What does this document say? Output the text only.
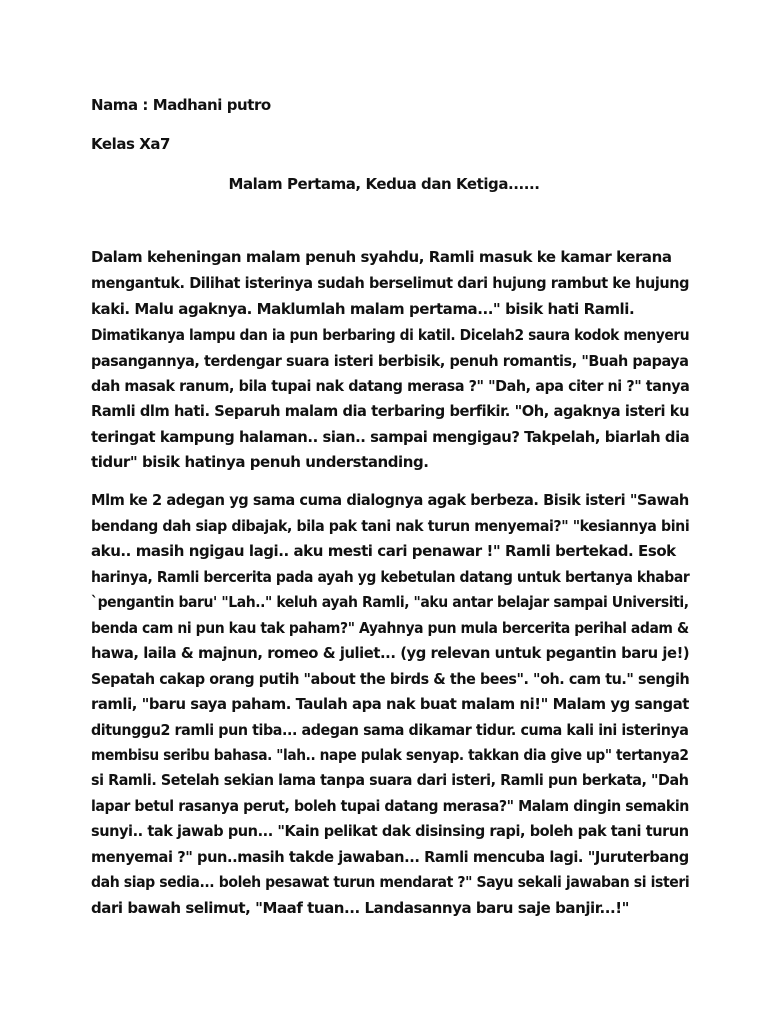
Nama : Madhani putro
Kelas Xa7
Malam Pertama, Kedua dan Ketiga......
Dalam keheningan malam penuh syahdu, Ramli masuk ke kamar kerana
mengantuk. Dilihat isterinya sudah berselimut dari hujung rambut ke hujung
kaki. Malu agaknya. Maklumlah malam pertama..." bisik hati Ramli.
Dimatikanya lampu dan ia pun berbaring di katil. Dicelah2 saura kodok menyeru
pasangannya, terdengar suara isteri berbisik, penuh romantis, "Buah papaya
dah masak ranum, bila tupai nak datang merasa ?" "Dah, apa citer ni ?" tanya
Ramli dlm hati. Separuh malam dia terbaring berfikir. "Oh, agaknya isteri ku
teringat kampung halaman.. sian.. sampai mengigau? Takpelah, biarlah dia
tidur" bisik hatinya penuh understanding.
Mlm ke 2 adegan yg sama cuma dialognya agak berbeza. Bisik isteri "Sawah
bendang dah siap dibajak, bila pak tani nak turun menyemai?" "kesiannya bini
aku.. masih ngigau lagi.. aku mesti cari penawar !" Ramli bertekad. Esok
harinya, Ramli bercerita pada ayah yg kebetulan datang untuk bertanya khabar
`pengantin baru' "Lah.." keluh ayah Ramli, "aku antar belajar sampai Universiti,
benda cam ni pun kau tak paham?" Ayahnya pun mula bercerita perihal adam &
hawa, laila & majnun, romeo & juliet... (yg relevan untuk pegantin baru je!)
Sepatah cakap orang putih "about the birds & the bees". "oh. cam tu." sengih
ramli, "baru saya paham. Taulah apa nak buat malam ni!" Malam yg sangat
ditunggu2 ramli pun tiba... adegan sama dikamar tidur. cuma kali ini isterinya
membisu seribu bahasa. "lah.. nape pulak senyap. takkan dia give up" tertanya2
si Ramli. Setelah sekian lama tanpa suara dari isteri, Ramli pun berkata, "Dah
lapar betul rasanya perut, boleh tupai datang merasa?" Malam dingin semakin
sunyi.. tak jawab pun... "Kain pelikat dak disinsing rapi, boleh pak tani turun
menyemai ?" pun..masih takde jawaban... Ramli mencuba lagi. "Juruterbang
dah siap sedia... boleh pesawat turun mendarat ?" Sayu sekali jawaban si isteri
dari bawah selimut, "Maaf tuan... Landasannya baru saje banjir...!"
